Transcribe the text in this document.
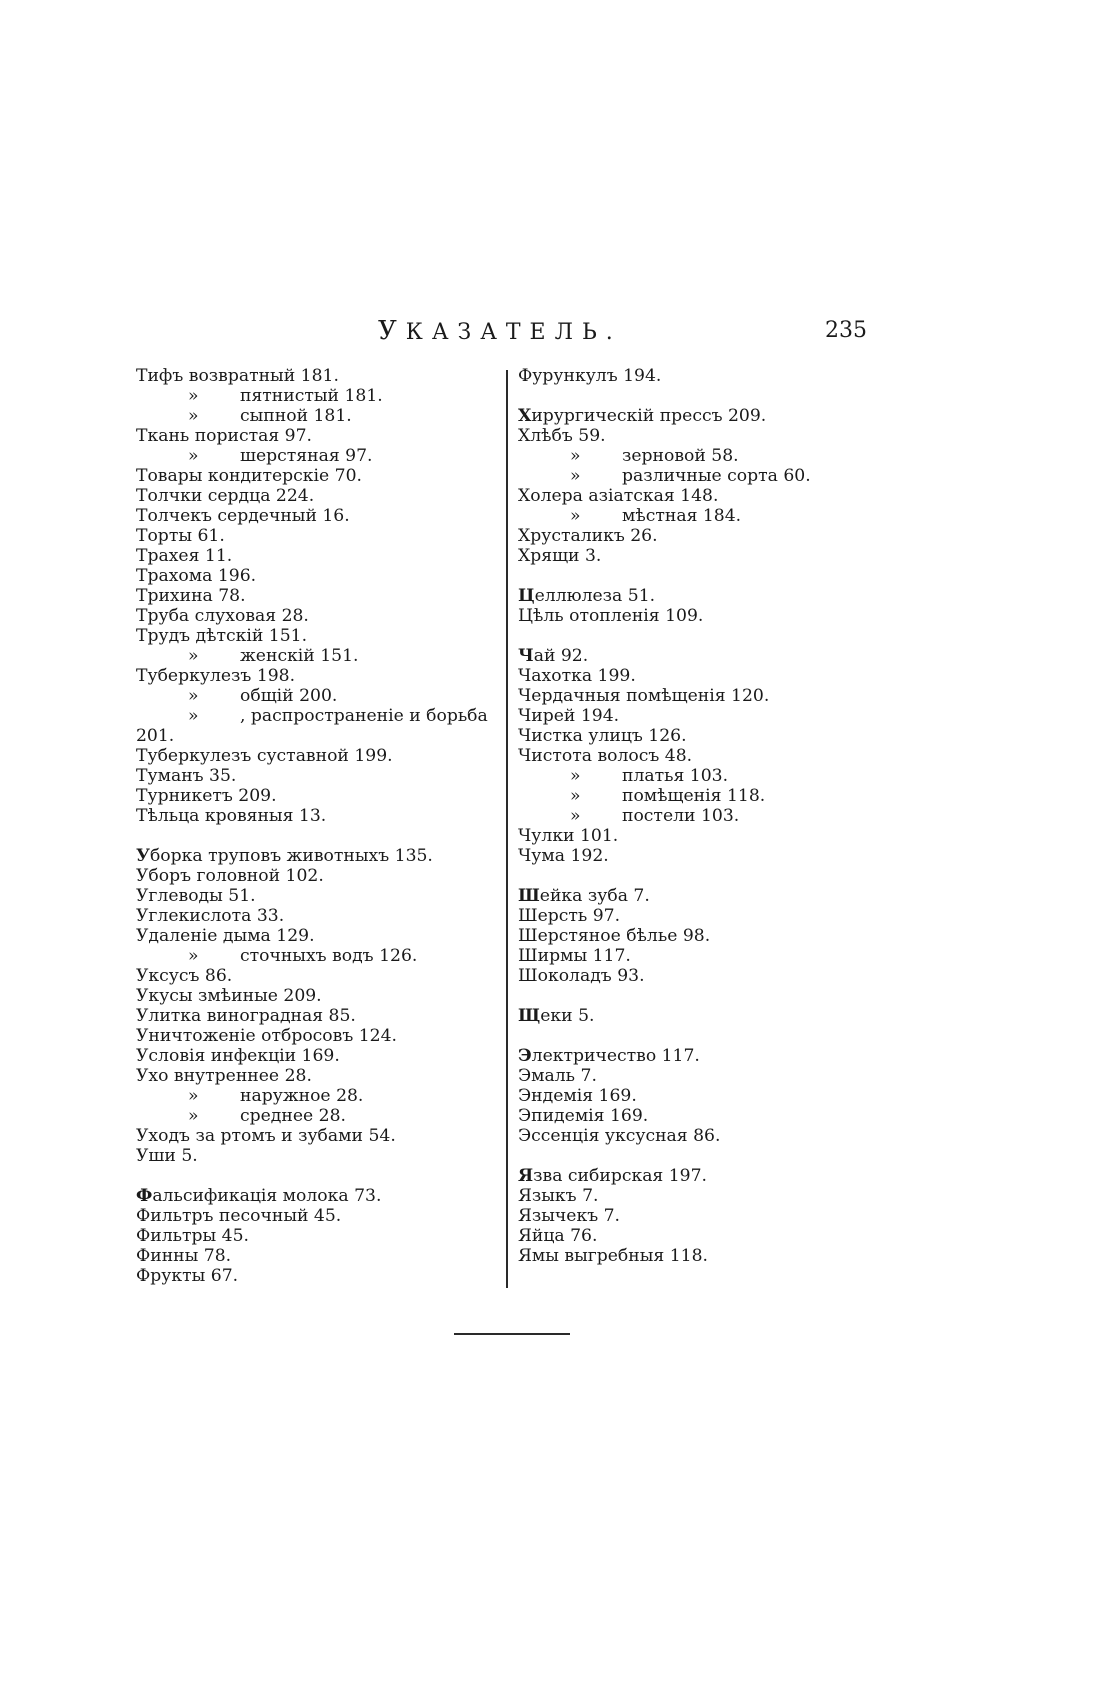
УКАЗАТЕЛЬ.	235
Тифъ возвратный 181.
» пятнистый 181.
» сыпной 181.
Ткань пористая 97.
» шерстяная 97.
Товары кондитерскіе 70.
Толчки сердца 224.
Толчекъ сердечный 16.
Торты 61.
Трахея 11.
Трахома 196.
Трихина 78.
Труба слуховая 28.
Трудъ дѣтскій 151.
» женскій 151.
Туберкулезъ 198.
» общій 200.
» , распространеніе и борьба
201.
Туберкулезъ суставной 199.
Туманъ 35.
Турникетъ 209.
Тѣльца кровяныя 13.
Уборка труповъ животныхъ 135.
Уборъ головной 102.
Углеводы 51.
Углекислота 33.
Удаленіе дыма 129.
» сточныхъ водъ 126.
Уксусъ 86.
Укусы змѣиные 209.
Улитка виноградная 85.
Уничтоженіе отбросовъ 124.
Условія инфекціи 169.
Ухо внутреннее 28.
» наружное 28.
» среднее 28.
Уходъ за ртомъ и зубами 54.
Уши 5.
Фальсификація молока 73.
Фильтръ песочный 45.
Фильтры 45.
Финны 78.
Фрукты 67.
Фурункулъ 194.
Хирургическій прессъ 209.
Хлѣбъ 59.
» зерновой 58.
» различные сорта 60.
Холера азіатская 148.
» мѣстная 184.
Хрусталикъ 26.
Хрящи 3.
Целлюлеза 51.
Цѣль отопленія 109.
Чай 92.
Чахотка 199.
Чердачныя помѣщенія 120.
Чирей 194.
Чистка улицъ 126.
Чистота волосъ 48.
» платья 103.
» помѣщенія 118.
» постели 103.
Чулки 101.
Чума 192.
Шейка зуба 7.
Шерсть 97.
Шерстяное бѣлье 98.
Ширмы 117.
Шоколадъ 93.
Щеки 5.
Электричество 117.
Эмаль 7.
Эндемія 169.
Эпидемія 169.
Эссенція уксусная 86.
Язва сибирская 197.
Языкъ 7.
Язычекъ 7.
Яйца 76.
Ямы выгребныя 118.
